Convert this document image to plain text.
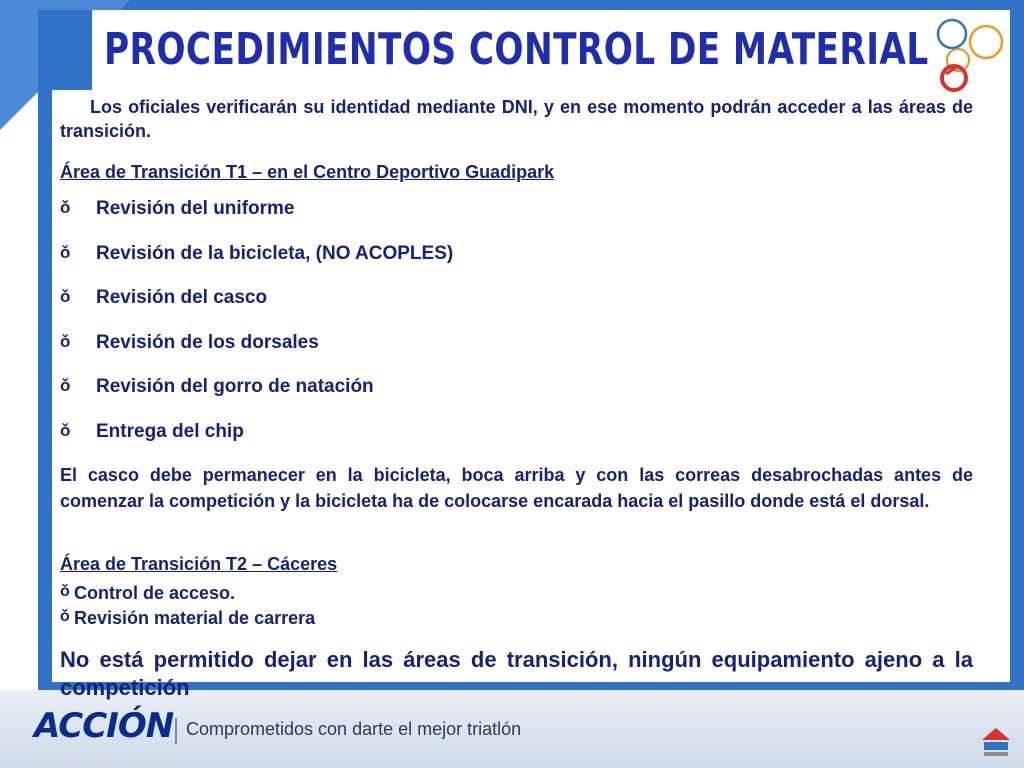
PROCEDIMIENTOS CONTROL DE MATERIAL
Los oficiales verificarán su identidad mediante DNI, y en ese momento podrán acceder a las áreas de transición.
Área de Transición T1 – en el Centro Deportivo Guadipark
ǒ	Revisión del uniforme
ǒ	Revisión de la bicicleta, (NO ACOPLES)
ǒ	Revisión del casco
ǒ	Revisión de los dorsales
ǒ	Revisión del gorro de natación
ǒ	Entrega del chip
El casco debe permanecer en la bicicleta, boca arriba y con las correas desabrochadas antes de comenzar la competición y la bicicleta ha de colocarse encarada hacia el pasillo donde está el dorsal.
Área de Transición T2 – Cáceres
ǒ Control de acceso.
ǒ Revisión material de carrera
No está permitido dejar en las áreas de transición, ningún equipamiento ajeno a la competición
ACCIÓN Comprometidos con darte el mejor triatlón
